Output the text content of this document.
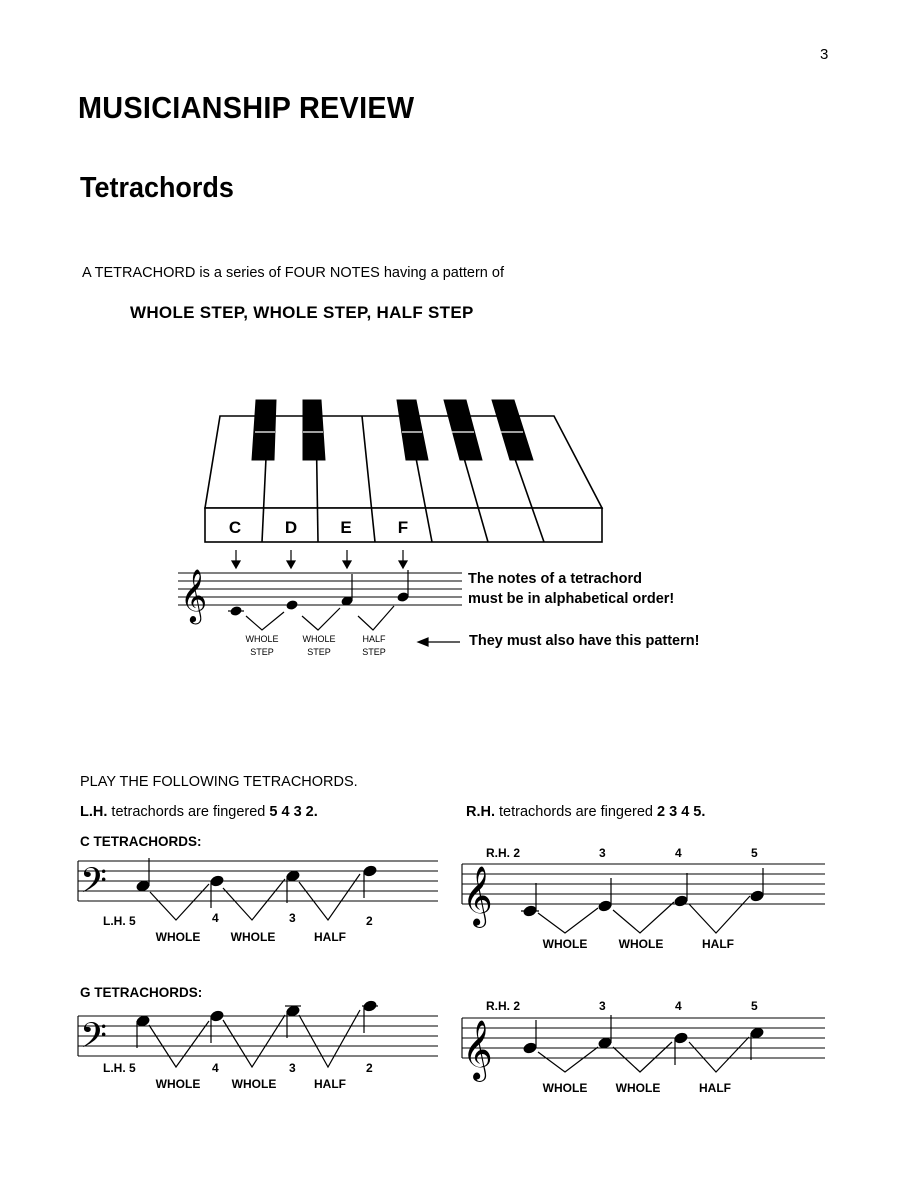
3
MUSICIANSHIP REVIEW
Tetrachords
A TETRACHORD is a series of FOUR NOTES having a pattern of
WHOLE STEP, WHOLE STEP, HALF STEP
C	D	E	F
𝄞
WHOLE
STEP
WHOLE
STEP
HALF
STEP
The notes of a tetrachord
must be in alphabetical order!
They must also have this pattern!
PLAY THE FOLLOWING TETRACHORDS.
L.H. tetrachords are fingered 5 4 3 2.	R.H. tetrachords are fingered 2 3 4 5.
C TETRACHORDS:
G TETRACHORDS:
𝄢
L.H. 5	4	3	2
WHOLE	WHOLE	HALF
𝄞
R.H. 2	3	4	5
WHOLE	WHOLE	HALF
𝄢
L.H. 5	4	3	2
WHOLE	WHOLE	HALF
𝄞
R.H. 2	3	4	5
WHOLE WHOLE	HALF
